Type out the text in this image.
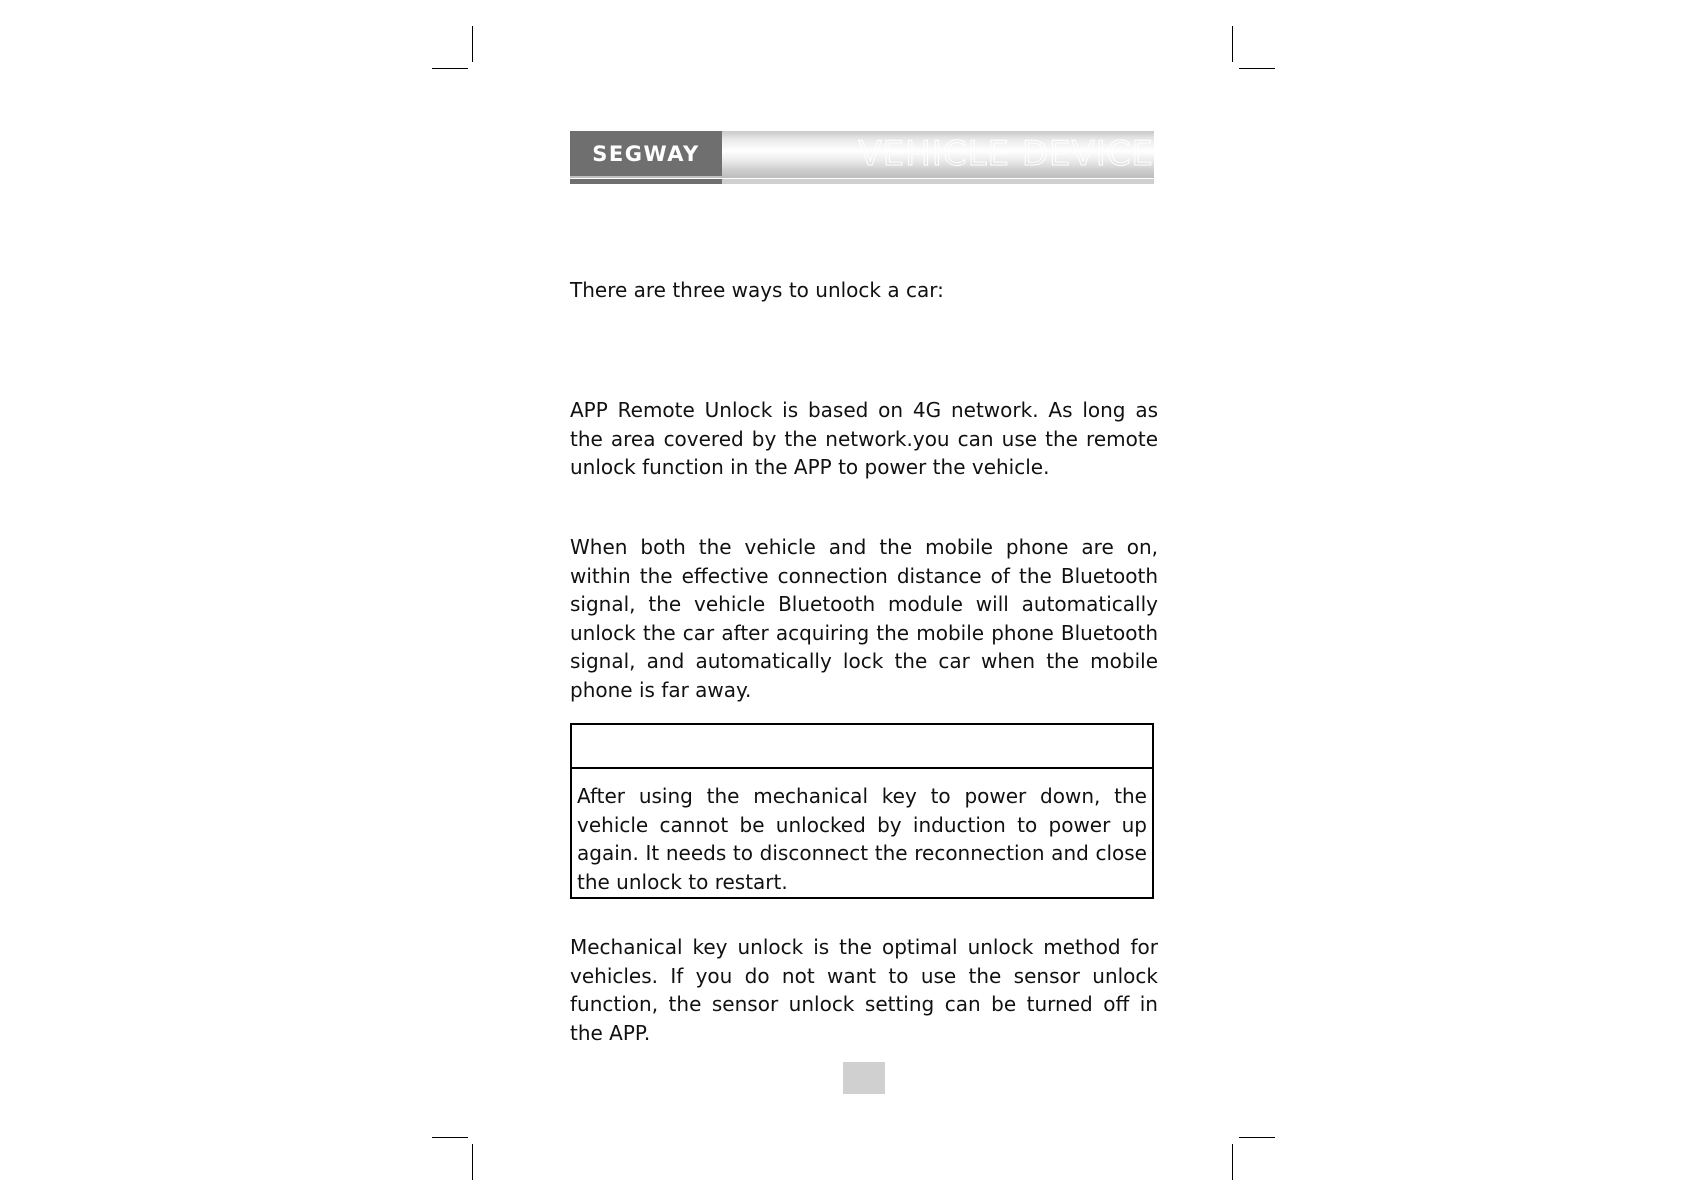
SEGWAY	VEHICLE DEVICE
There are three ways to unlock a car:
APP Remote Unlock is based on 4G network. As long as the area covered by the network.you can use the remote unlock function in the APP to power the vehicle.
When both the vehicle and the mobile phone are on, within the effective connection distance of the Bluetooth signal, the vehicle Bluetooth module will automatically unlock the car after acquiring the mobile phone Bluetooth signal, and automatically lock the car when the mobile phone is far away.
After using the mechanical key to power down, the vehicle cannot be unlocked by induction to power up again. It needs to disconnect the reconnection and close the unlock to restart.
Mechanical key unlock is the optimal unlock method for vehicles. If you do not want to use the sensor unlock function, the sensor unlock setting can be turned off in the APP.
